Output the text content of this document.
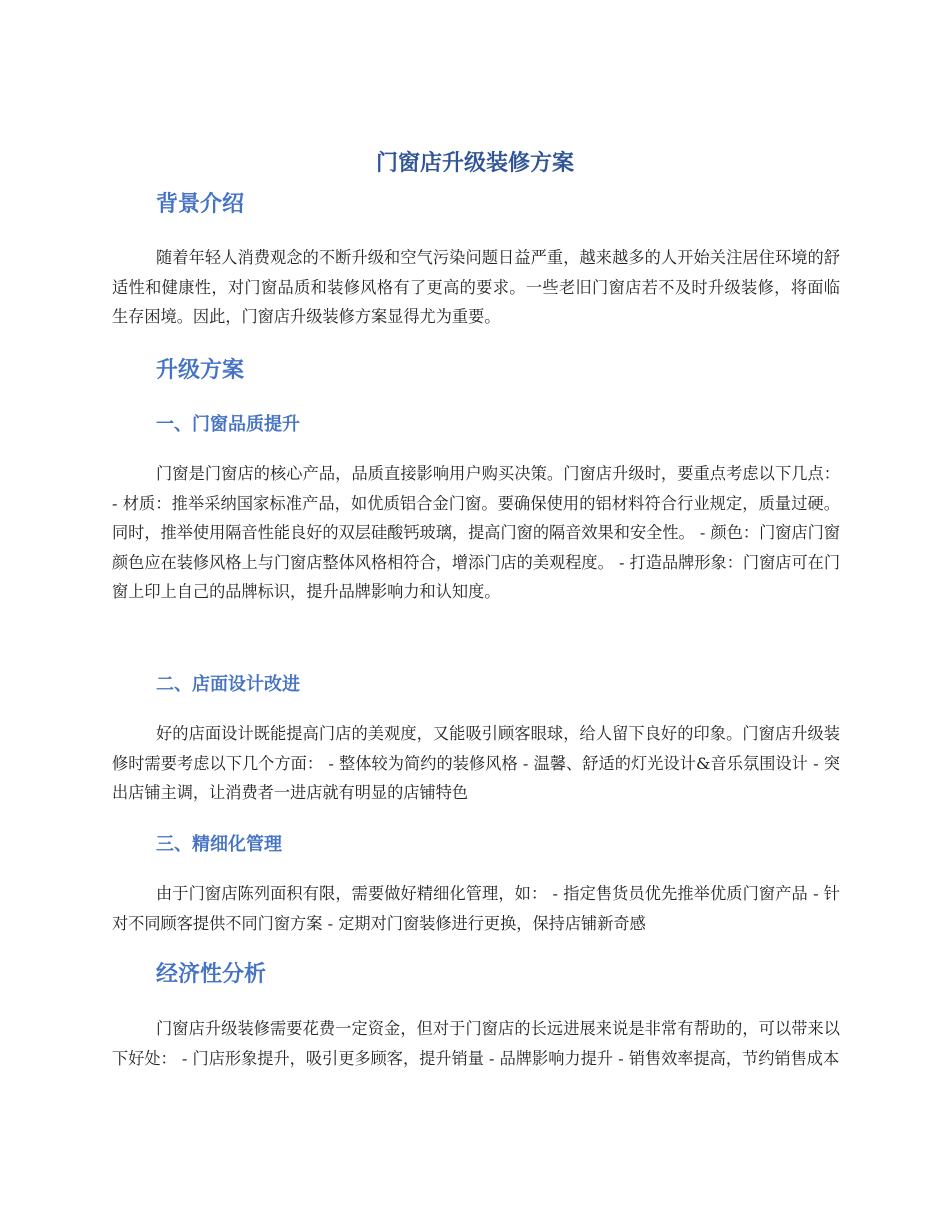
门窗店升级装修方案
背景介绍

随着年轻人消费观念的不断升级和空气污染问题日益严重，越来越多的人开始关注居住环境的舒适性和健康性，对门窗品质和装修风格有了更高的要求。一些老旧门窗店若不及时升级装修，将面临生存困境。因此，门窗店升级装修方案显得尤为重要。

升级方案
一、门窗品质提升

门窗是门窗店的核心产品，品质直接影响用户购买决策。门窗店升级时，要重点考虑以下几点： - 材质：推举采纳国家标准产品，如优质铝合金门窗。要确保使用的铝材料符合行业规定，质量过硬。同时，推举使用隔音性能良好的双层硅酸钙玻璃，提高门窗的隔音效果和安全性。 - 颜色：门窗店门窗颜色应在装修风格上与门窗店整体风格相符合，增添门店的美观程度。 - 打造品牌形象：门窗店可在门窗上印上自己的品牌标识，提升品牌影响力和认知度。

二、店面设计改进

好的店面设计既能提高门店的美观度，又能吸引顾客眼球，给人留下良好的印象。门窗店升级装修时需要考虑以下几个方面： - 整体较为简约的装修风格 - 温馨、舒适的灯光设计&音乐氛围设计 - 突出店铺主调，让消费者一进店就有明显的店铺特色

三、精细化管理

由于门窗店陈列面积有限，需要做好精细化管理，如： - 指定售货员优先推举优质门窗产品 - 针对不同顾客提供不同门窗方案 - 定期对门窗装修进行更换，保持店铺新奇感

经济性分析

门窗店升级装修需要花费一定资金，但对于门窗店的长远进展来说是非常有帮助的，可以带来以下好处： - 门店形象提升，吸引更多顾客，提升销量 - 品牌影响力提升 - 销售效率提高，节约销售成本
